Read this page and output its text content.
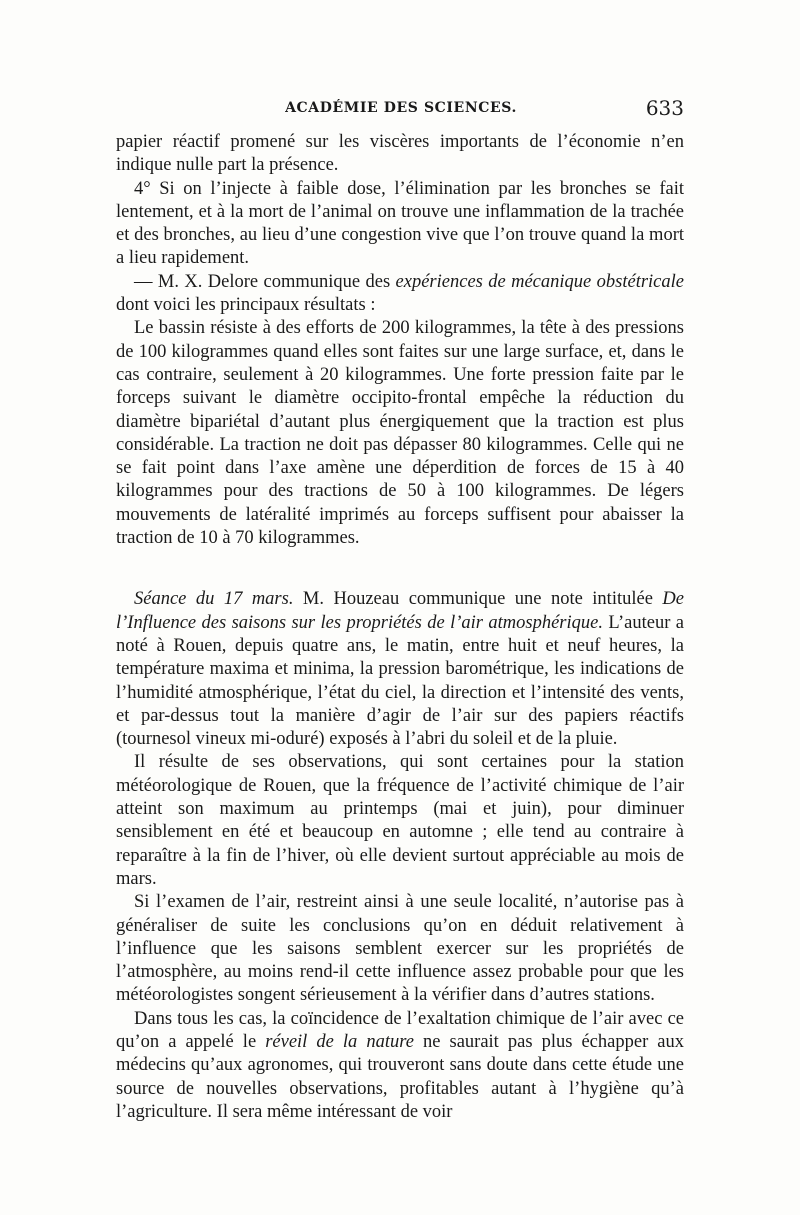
ACADÉMIE DES SCIENCES.	633

papier réactif promené sur les viscères importants de l’économie n’en indique nulle part la présence.

4° Si on l’injecte à faible dose, l’élimination par les bronches se fait lentement, et à la mort de l’animal on trouve une inflammation de la trachée et des bronches, au lieu d’une congestion vive que l’on trouve quand la mort a lieu rapidement.

— M. X. Delore communique des expériences de mécanique obstétricale dont voici les principaux résultats :

Le bassin résiste à des efforts de 200 kilogrammes, la tête à des pressions de 100 kilogrammes quand elles sont faites sur une large surface, et, dans le cas contraire, seulement à 20 kilogrammes. Une forte pression faite par le forceps suivant le diamètre occipito-frontal empêche la réduction du diamètre bipariétal d’autant plus énergiquement que la traction est plus considérable. La traction ne doit pas dépasser 80 kilogrammes. Celle qui ne se fait point dans l’axe amène une déperdition de forces de 15 à 40 kilogrammes pour des tractions de 50 à 100 kilogrammes. De légers mouvements de latéralité imprimés au forceps suffisent pour abaisser la traction de 10 à 70 kilogrammes.

Séance du 17 mars. M. Houzeau communique une note intitulée De l’Influence des saisons sur les propriétés de l’air atmosphérique. L’auteur a noté à Rouen, depuis quatre ans, le matin, entre huit et neuf heures, la température maxima et minima, la pression barométrique, les indications de l’humidité atmosphérique, l’état du ciel, la direction et l’intensité des vents, et par-dessus tout la manière d’agir de l’air sur des papiers réactifs (tournesol vineux mi-oduré) exposés à l’abri du soleil et de la pluie.

Il résulte de ses observations, qui sont certaines pour la station météorologique de Rouen, que la fréquence de l’activité chimique de l’air atteint son maximum au printemps (mai et juin), pour diminuer sensiblement en été et beaucoup en automne ; elle tend au contraire à reparaître à la fin de l’hiver, où elle devient surtout appréciable au mois de mars.

Si l’examen de l’air, restreint ainsi à une seule localité, n’autorise pas à généraliser de suite les conclusions qu’on en déduit relativement à l’influence que les saisons semblent exercer sur les propriétés de l’atmosphère, au moins rend-il cette influence assez probable pour que les météorologistes songent sérieusement à la vérifier dans d’autres stations.

Dans tous les cas, la coïncidence de l’exaltation chimique de l’air avec ce qu’on a appelé le réveil de la nature ne saurait pas plus échapper aux médecins qu’aux agronomes, qui trouveront sans doute dans cette étude une source de nouvelles observations, profitables autant à l’hygiène qu’à l’agriculture. Il sera même intéressant de voir
